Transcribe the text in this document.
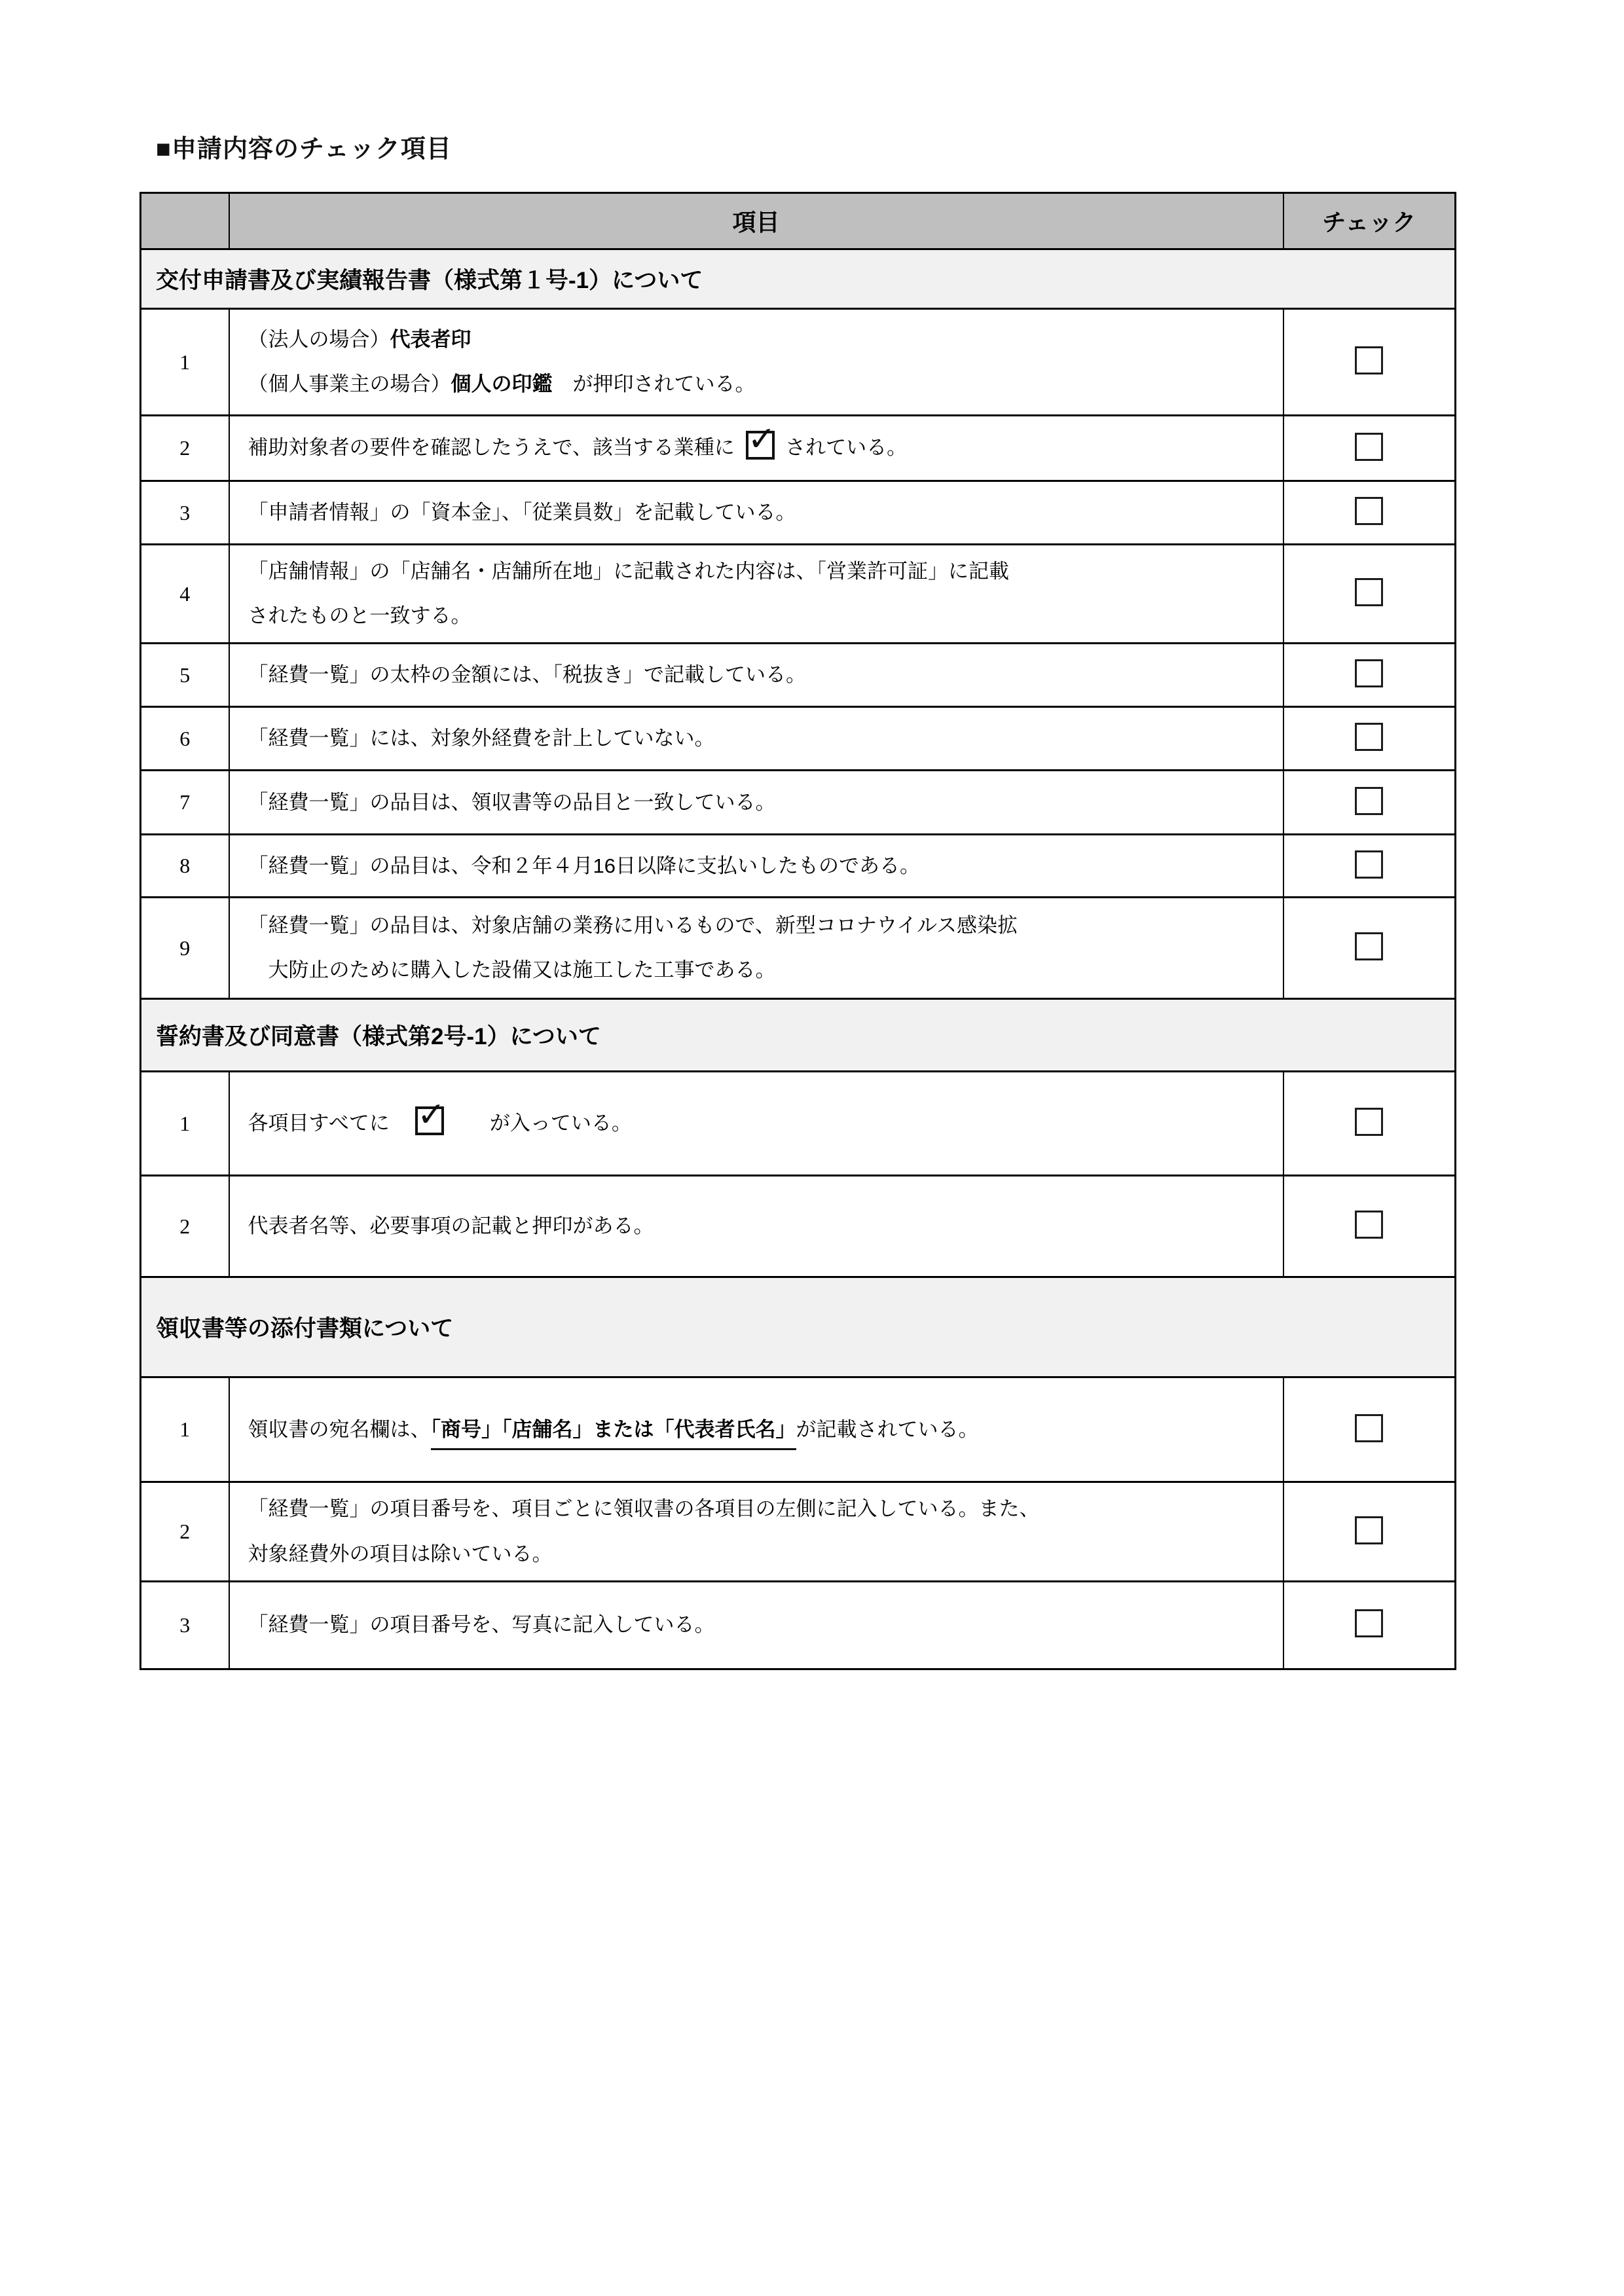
■申請内容のチェック項目
	項目	チェック

交付申請書及び実績報告書（様式第１号-1）について		

1	（法人の場合）代表者印
（個人事業主の場合）個人の印鑑　が押印されている。	
2	補助対象者の要件を確認したうえで、該当する業種に ✓ されている。	
3	「申請者情報」の「資本金」、「従業員数」を記載している。	
4	「店舗情報」の「店舗名・店舗所在地」に記載された内容は、「営業許可証」に記載
されたものと一致する。	
5	「経費一覧」の太枠の金額には、「税抜き」で記載している。	
6	「経費一覧」には、対象外経費を計上していない。	
7	「経費一覧」の品目は、領収書等の品目と一致している。	
8	「経費一覧」の品目は、令和２年４月16日以降に支払いしたものである。	
9	「経費一覧」の品目は、対象店舗の業務に用いるもので、新型コロナウイルス感染拡
　大防止のために購入した設備又は施工した工事である。	

誓約書及び同意書（様式第2号-1）について		

1	各項目すべてに　 ✓ 　　が入っている。	
2	代表者名等、必要事項の記載と押印がある。	

領収書等の添付書類について		

1	領収書の宛名欄は、「商号」「店舗名」または「代表者氏名」が記載されている。	
2	「経費一覧」の項目番号を、項目ごとに領収書の各項目の左側に記入している。また、
対象経費外の項目は除いている。	
3	「経費一覧」の項目番号を、写真に記入している。	
